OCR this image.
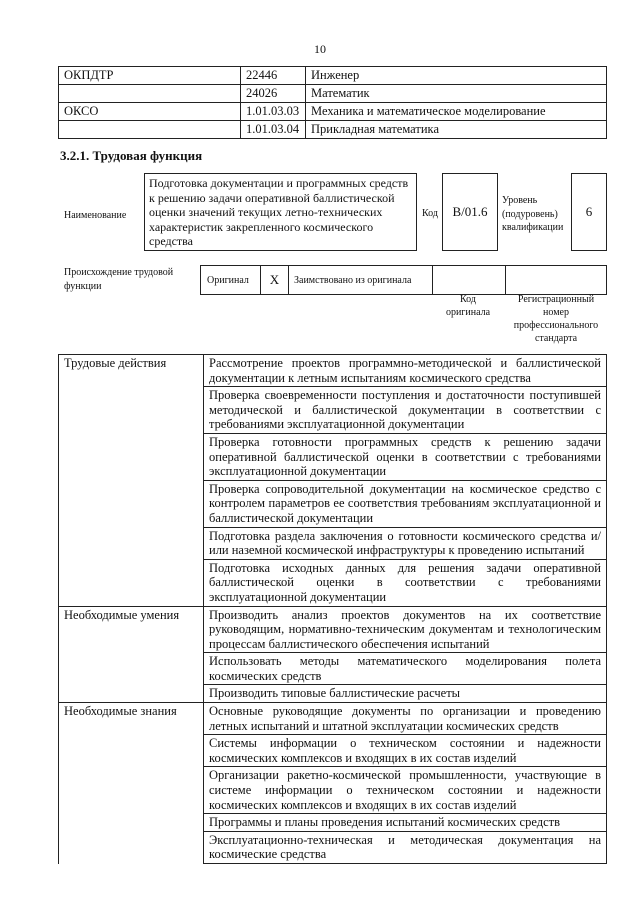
10
ОКПДТР	22446	Инженер
	24026	Математик
ОКСО	1.01.03.03	Механика и математическое моделирование
	1.01.03.04	Прикладная математика
3.2.1. Трудовая функция
Наименование
Подготовка документации и программных средств к решению задачи оперативной баллистической оценки значений текущих летно-технических характеристик закрепленного космического средства
Код	B/01.6
Уровень (подуровень) квалификации
6
Происхождение трудовой функции
Оригинал	X	Заимствовано из оригинала
Код оригинала
Регистрационный номер профессионального стандарта
Трудовые действия	Рассмотрение проектов программно-методической и баллистической документации к летным испытаниям космического средства
	Проверка своевременности поступления и достаточности поступившей методической и баллистической документации в соответствии с требованиями эксплуатационной документации
	Проверка готовности программных средств к решению задачи оперативной баллистической оценки в соответствии с требованиями эксплуатационной документации
	Проверка сопроводительной документации на космическое средство с контролем параметров ее соответствия требованиям эксплуатационной и баллистической документации
	Подготовка раздела заключения о готовности космического средства и/или наземной космической инфраструктуры к проведению испытаний
	Подготовка исходных данных для решения задачи оперативной баллистической оценки в соответствии с требованиями эксплуатационной документации
Необходимые умения	Производить анализ проектов документов на их соответствие руководящим, нормативно-техническим документам и технологическим процессам баллистического обеспечения испытаний
	Использовать методы математического моделирования полета космических средств
	Производить типовые баллистические расчеты
Необходимые знания	Основные руководящие документы по организации и проведению летных испытаний и штатной эксплуатации космических средств
	Системы информации о техническом состоянии и надежности космических комплексов и входящих в их состав изделий
	Организации ракетно-космической промышленности, участвующие в системе информации о техническом состоянии и надежности космических комплексов и входящих в их состав изделий
	Программы и планы проведения испытаний космических средств
	Эксплуатационно-техническая и методическая документация на космические средства
